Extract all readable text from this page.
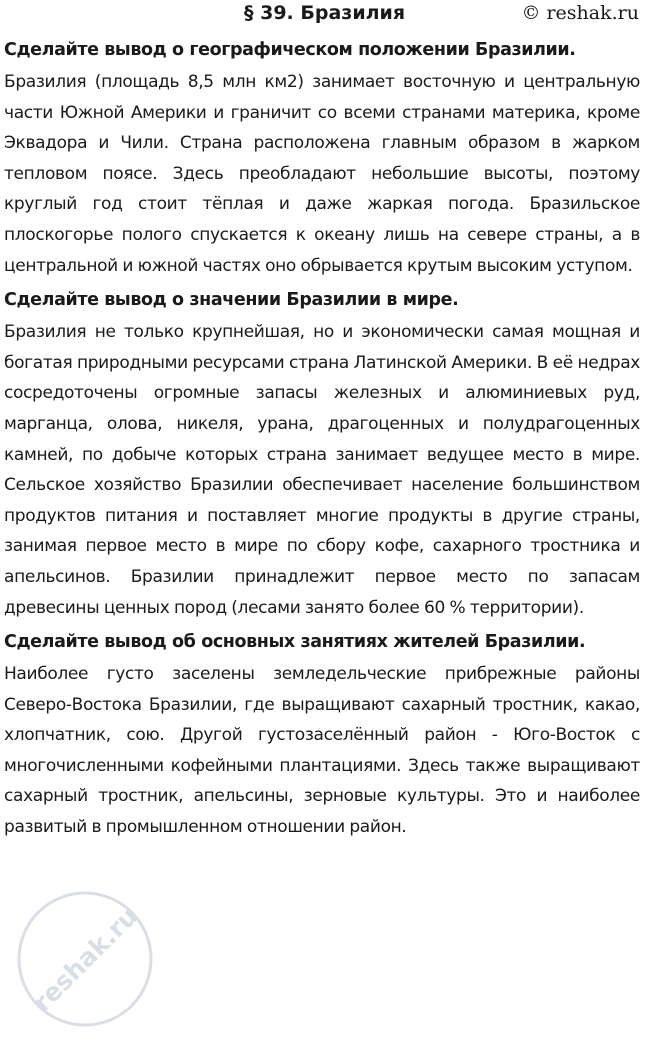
§ 39. Бразилия	© reshak.ru
Сделайте вывод о географическом положении Бразилии.

Бразилия (площадь 8,5 млн км2) занимает восточную и центральную части Южной Америки и граничит со всеми странами материка, кроме Эквадора и Чили. Страна расположена главным образом в жарком тепловом поясе. Здесь преобладают небольшие высоты, поэтому круглый год стоит тёплая и даже жаркая погода. Бразильское плоскогорье полого спускается к океану лишь на севере страны, а в центральной и южной частях оно обрывается крутым высоким уступом.

Сделайте вывод о значении Бразилии в мире.

Бразилия не только крупнейшая, но и экономически самая мощная и богатая природными ресурсами страна Латинской Америки. В её недрах сосредоточены огромные запасы железных и алюминиевых руд, марганца, олова, никеля, урана, драгоценных и полудрагоценных камней, по добыче которых страна занимает ведущее место в мире. Сельское хозяйство Бразилии обеспечивает население большинством продуктов питания и поставляет многие продукты в другие страны, занимая первое место в мире по сбору кофе, сахарного тростника и апельсинов. Бразилии принадлежит первое место по запасам древесины ценных пород (лесами занято более 60 % территории).

Сделайте вывод об основных занятиях жителей Бразилии.

Наиболее густо заселены земледельческие прибрежные районы Северо-Востока Бразилии, где выращивают сахарный тростник, какао, хлопчатник, сою. Другой густозаселённый район - Юго-Восток с многочисленными кофейными плантациями. Здесь также выращивают сахарный тростник, апельсины, зерновые культуры. Это и наиболее развитый в промышленном отношении район.

reshak.ru
